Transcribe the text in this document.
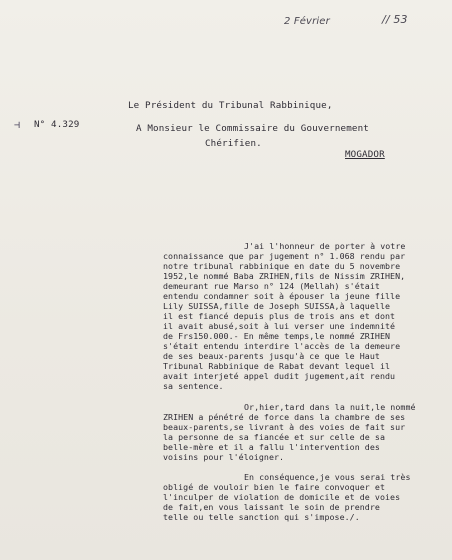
2 Février	// 53
⊣ N° 4.329
Le Président du Tribunal Rabbinique,
A Monsieur le Commissaire du Gouvernement
Chérifien.
MOGADOR
J'ai l'honneur de porter à votre
connaissance que par jugement n° 1.068 rendu par
notre tribunal rabbinique en date du 5 novembre
1952,le nommé Baba ZRIHEN,fils de Nissim ZRIHEN,
demeurant rue Marso n° 124 (Mellah) s'était
entendu condamner soit à épouser la jeune fille
Lily SUISSA,fille de Joseph SUISSA,à laquelle
il est fiancé depuis plus de trois ans et dont
il avait abusé,soit à lui verser une indemnité
de Frs150.000.- En même temps,le nommé ZRIHEN
s'était entendu interdire l'accès de la demeure
de ses beaux-parents jusqu'à ce que le Haut
Tribunal Rabbinique de Rabat devant lequel il
avait interjeté appel dudit jugement,ait rendu
sa sentence.
Or,hier,tard dans la nuit,le nommé
ZRIHEN a pénétré de force dans la chambre de ses
beaux-parents,se livrant à des voies de fait sur
la personne de sa fiancée et sur celle de sa
belle-mère et il a fallu l'intervention des
voisins pour l'éloigner.
En conséquence,je vous serai très
obligé de vouloir bien le faire convoquer et
l'inculper de violation de domicile et de voies
de fait,en vous laissant le soin de prendre
telle ou telle sanction qui s'impose./.
